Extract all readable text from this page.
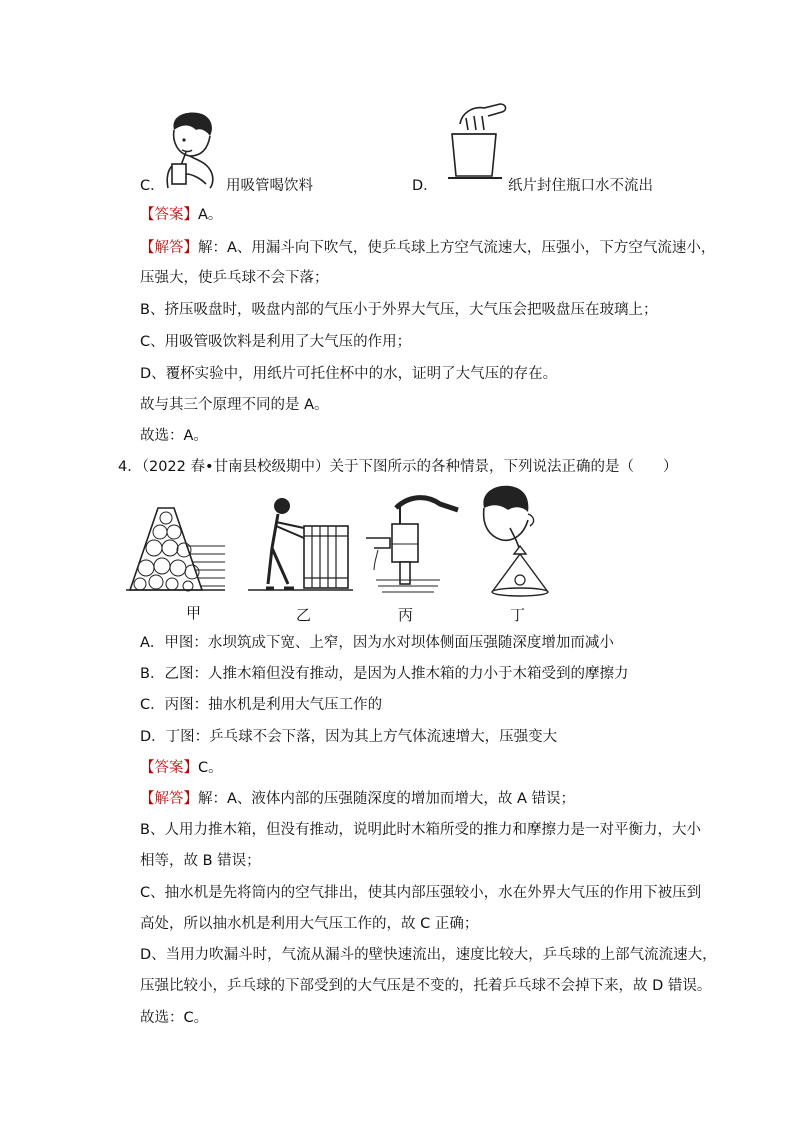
C．	用吸管喝饮料	D．	纸片封住瓶口水不流出
【答案】A。
【解答】解：A、用漏斗向下吹气，使乒乓球上方空气流速大，压强小，下方空气流速小，
压强大，使乒乓球不会下落；
B、挤压吸盘时，吸盘内部的气压小于外界大气压，大气压会把吸盘压在玻璃上；
C、用吸管吸饮料是利用了大气压的作用；
D、覆杯实验中，用纸片可托住杯中的水，证明了大气压的存在。
故与其三个原理不同的是 A。
故选：A。
4．（2022 春•甘南县校级期中）关于下图所示的各种情景，下列说法正确的是（　　）
甲	乙	丙	丁
A．甲图：水坝筑成下宽、上窄，因为水对坝体侧面压强随深度增加而减小
B．乙图：人推木箱但没有推动，是因为人推木箱的力小于木箱受到的摩擦力
C．丙图：抽水机是利用大气压工作的
D．丁图：乒乓球不会下落，因为其上方气体流速增大，压强变大
【答案】C。
【解答】解：A、液体内部的压强随深度的增加而增大，故 A 错误；
B、人用力推木箱，但没有推动，说明此时木箱所受的推力和摩擦力是一对平衡力，大小
相等，故 B 错误；
C、抽水机是先将筒内的空气排出，使其内部压强较小，水在外界大气压的作用下被压到
高处，所以抽水机是利用大气压工作的，故 C 正确；
D、当用力吹漏斗时，气流从漏斗的壁快速流出，速度比较大，乒乓球的上部气流流速大，
压强比较小，乒乓球的下部受到的大气压是不变的，托着乒乓球不会掉下来，故 D 错误。
故选：C。
